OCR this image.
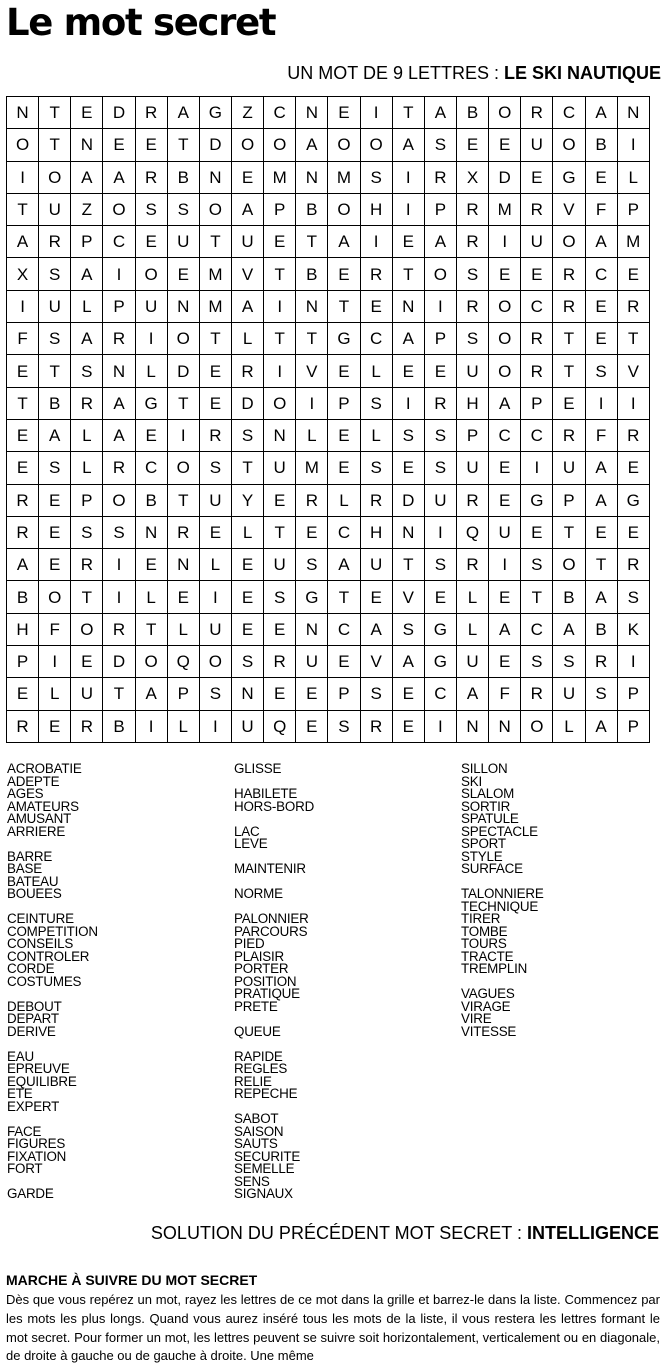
Le mot secret
UN MOT DE 9 LETTRES : LE SKI NAUTIQUE
N	T	E	D	R	A	G	Z	C	N	E	I	T	A	B	O	R	C	A	N
O	T	N	E	E	T	D	O	O	A	O	O	A	S	E	E	U	O	B	I
I	O	A	A	R	B	N	E	M	N	M	S	I	R	X	D	E	G	E	L
T	U	Z	O	S	S	O	A	P	B	O	H	I	P	R	M	R	V	F	P
A	R	P	C	E	U	T	U	E	T	A	I	E	A	R	I	U	O	A	M
X	S	A	I	O	E	M	V	T	B	E	R	T	O	S	E	E	R	C	E
I	U	L	P	U	N	M	A	I	N	T	E	N	I	R	O	C	R	E	R
F	S	A	R	I	O	T	L	T	T	G	C	A	P	S	O	R	T	E	T
E	T	S	N	L	D	E	R	I	V	E	L	E	E	U	O	R	T	S	V
T	B	R	A	G	T	E	D	O	I	P	S	I	R	H	A	P	E	I	I
E	A	L	A	E	I	R	S	N	L	E	L	S	S	P	C	C	R	F	R
E	S	L	R	C	O	S	T	U	M	E	S	E	S	U	E	I	U	A	E
R	E	P	O	B	T	U	Y	E	R	L	R	D	U	R	E	G	P	A	G
R	E	S	S	N	R	E	L	T	E	C	H	N	I	Q	U	E	T	E	E
A	E	R	I	E	N	L	E	U	S	A	U	T	S	R	I	S	O	T	R
B	O	T	I	L	E	I	E	S	G	T	E	V	E	L	E	T	B	A	S
H	F	O	R	T	L	U	E	E	N	C	A	S	G	L	A	C	A	B	K
P	I	E	D	O	Q	O	S	R	U	E	V	A	G	U	E	S	S	R	I
E	L	U	T	A	P	S	N	E	E	P	S	E	C	A	F	R	U	S	P
R	E	R	B	I	L	I	U	Q	E	S	R	E	I	N	N	O	L	A	P
ACROBATIE
ADEPTE
AGES
AMATEURS
AMUSANT
ARRIERE
BARRE
BASE
BATEAU
BOUEES
CEINTURE
COMPETITION
CONSEILS
CONTROLER
CORDE
COSTUMES
DEBOUT
DEPART
DERIVE
EAU
EPREUVE
EQUILIBRE
ETE
EXPERT
FACE
FIGURES
FIXATION
FORT
GARDE
GLISSE
HABILETE
HORS-BORD
LAC
LEVE
MAINTENIR
NORME
PALONNIER
PARCOURS
PIED
PLAISIR
PORTER
POSITION
PRATIQUE
PRETE
QUEUE
RAPIDE
REGLES
RELIE
REPECHE
SABOT
SAISON
SAUTS
SECURITE
SEMELLE
SENS
SIGNAUX
SILLON
SKI
SLALOM
SORTIR
SPATULE
SPECTACLE
SPORT
STYLE
SURFACE
TALONNIERE
TECHNIQUE
TIRER
TOMBE
TOURS
TRACTE
TREMPLIN
VAGUES
VIRAGE
VIRE
VITESSE
SOLUTION DU PRÉCÉDENT MOT SECRET : INTELLIGENCE
MARCHE À SUIVRE DU MOT SECRET
Dès que vous repérez un mot, rayez les lettres de ce mot dans la grille et barrez-le dans la liste. Commencez par les mots les plus longs. Quand vous aurez inséré tous les mots de la liste, il vous restera les lettres formant le mot secret. Pour former un mot, les lettres peuvent se suivre soit horizontalement, verticalement ou en diagonale, de droite à gauche ou de gauche à droite. Une même
